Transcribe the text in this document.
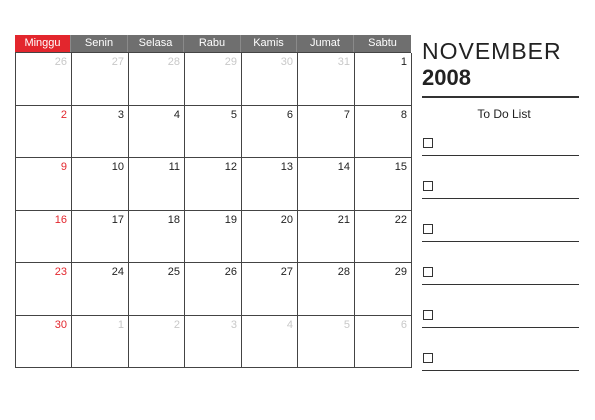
Minggu	Senin	Selasa	Rabu	Kamis	Jumat	Sabtu
26	27	28	29	30	31	1
2	3	4	5	6	7	8
9	10	11	12	13	14	15
16	17	18	19	20	21	22
23	24	25	26	27	28	29
30	1	2	3	4	5	6
NOVEMBER
2008
To Do List
